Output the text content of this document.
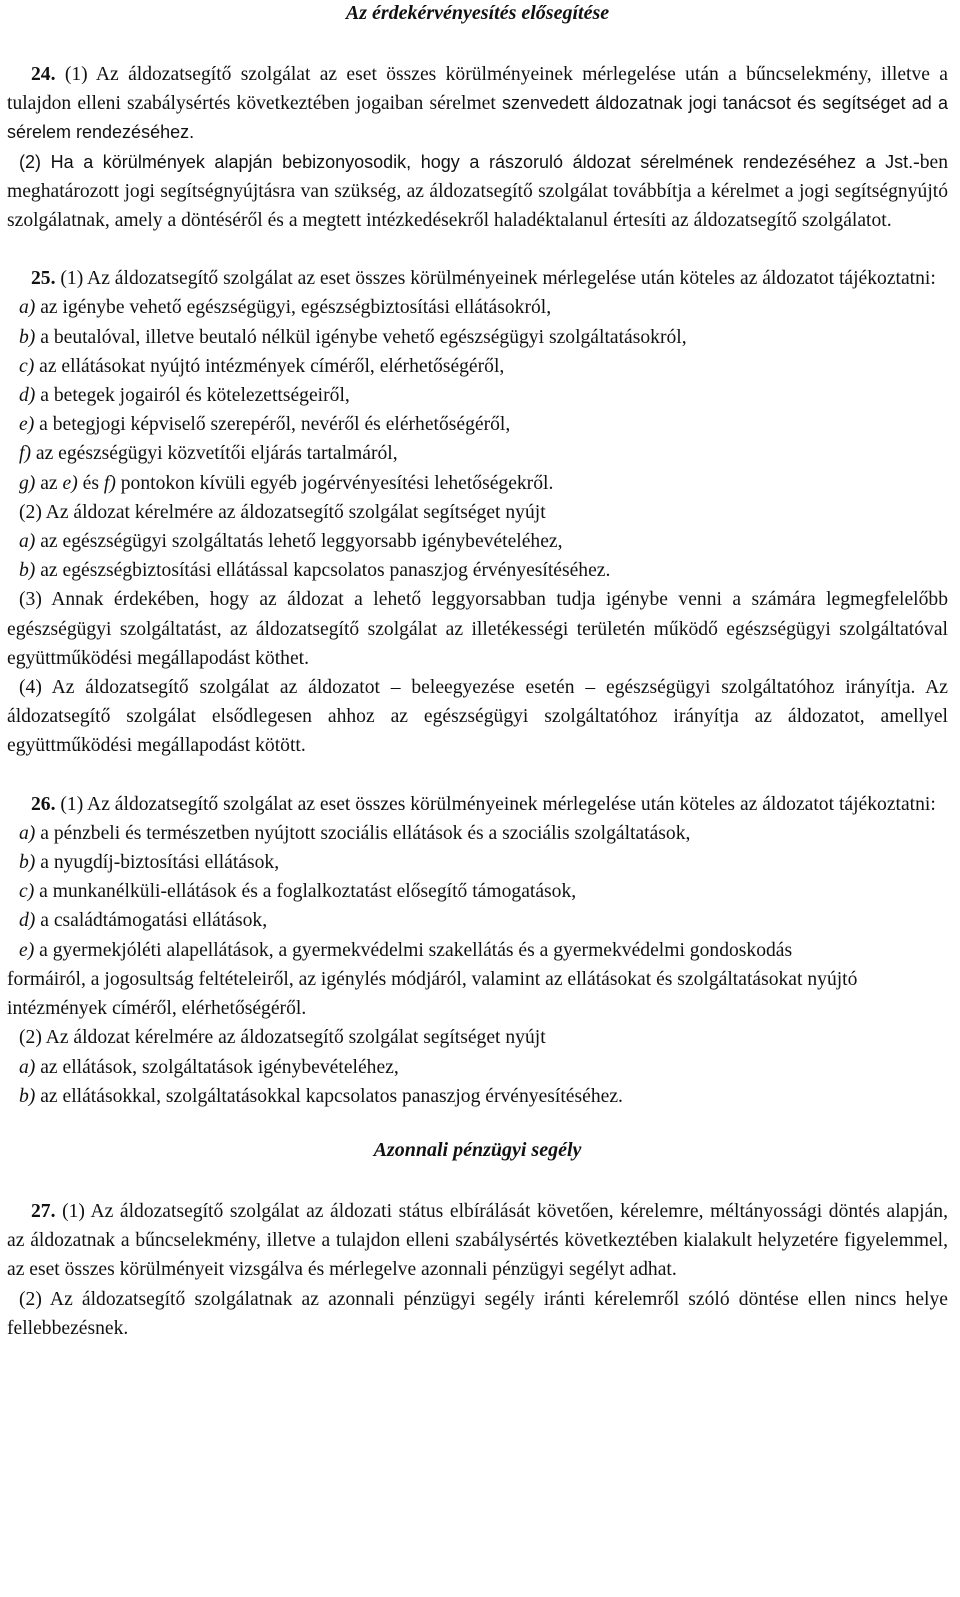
Az érdekérvényesítés elősegítése

24. (1) Az áldozatsegítő szolgálat az eset összes körülményeinek mérlegelése után a bűncselekmény, illetve a tulajdon elleni szabálysértés következtében jogaiban sérelmet szenvedett áldozatnak jogi tanácsot és segítséget ad a sérelem rendezéséhez.

(2) Ha a körülmények alapján bebizonyosodik, hogy a rászoruló áldozat sérelmének rendezéséhez a Jst.-ben meghatározott jogi segítségnyújtásra van szükség, az áldozatsegítő szolgálat továbbítja a kérelmet a jogi segítségnyújtó szolgálatnak, amely a döntéséről és a megtett intézkedésekről haladéktalanul értesíti az áldozatsegítő szolgálatot.

25. (1) Az áldozatsegítő szolgálat az eset összes körülményeinek mérlegelése után köteles az áldozatot tájékoztatni:

a) az igénybe vehető egészségügyi, egészségbiztosítási ellátásokról,

b) a beutalóval, illetve beutaló nélkül igénybe vehető egészségügyi szolgáltatásokról,

c) az ellátásokat nyújtó intézmények címéről, elérhetőségéről,

d) a betegek jogairól és kötelezettségeiről,

e) a betegjogi képviselő szerepéről, nevéről és elérhetőségéről,

f) az egészségügyi közvetítői eljárás tartalmáról,

g) az e) és f) pontokon kívüli egyéb jogérvényesítési lehetőségekről.

(2) Az áldozat kérelmére az áldozatsegítő szolgálat segítséget nyújt

a) az egészségügyi szolgáltatás lehető leggyorsabb igénybevételéhez,

b) az egészségbiztosítási ellátással kapcsolatos panaszjog érvényesítéséhez.

(3) Annak érdekében, hogy az áldozat a lehető leggyorsabban tudja igénybe venni a számára legmegfelelőbb egészségügyi szolgáltatást, az áldozatsegítő szolgálat az illetékességi területén működő egészségügyi szolgáltatóval együttműködési megállapodást köthet.

(4) Az áldozatsegítő szolgálat az áldozatot – beleegyezése esetén – egészségügyi szolgáltatóhoz irányítja. Az áldozatsegítő szolgálat elsődlegesen ahhoz az egészségügyi szolgáltatóhoz irányítja az áldozatot, amellyel együttműködési megállapodást kötött.

26. (1) Az áldozatsegítő szolgálat az eset összes körülményeinek mérlegelése után köteles az áldozatot tájékoztatni:

a) a pénzbeli és természetben nyújtott szociális ellátások és a szociális szolgáltatások,

b) a nyugdíj-biztosítási ellátások,

c) a munkanélküli-ellátások és a foglalkoztatást elősegítő támogatások,

d) a családtámogatási ellátások,

e) a gyermekjóléti alapellátások, a gyermekvédelmi szakellátás és a gyermekvédelmi gondoskodás

formáiról, a jogosultság feltételeiről, az igénylés módjáról, valamint az ellátásokat és szolgáltatásokat nyújtó intézmények címéről, elérhetőségéről.

(2) Az áldozat kérelmére az áldozatsegítő szolgálat segítséget nyújt

a) az ellátások, szolgáltatások igénybevételéhez,

b) az ellátásokkal, szolgáltatásokkal kapcsolatos panaszjog érvényesítéséhez.

Azonnali pénzügyi segély

27. (1) Az áldozatsegítő szolgálat az áldozati státus elbírálását követően, kérelemre, méltányossági döntés alapján, az áldozatnak a bűncselekmény, illetve a tulajdon elleni szabálysértés következtében kialakult helyzetére figyelemmel, az eset összes körülményeit vizsgálva és mérlegelve azonnali pénzügyi segélyt adhat.

(2) Az áldozatsegítő szolgálatnak az azonnali pénzügyi segély iránti kérelemről szóló döntése ellen nincs helye fellebbezésnek.
